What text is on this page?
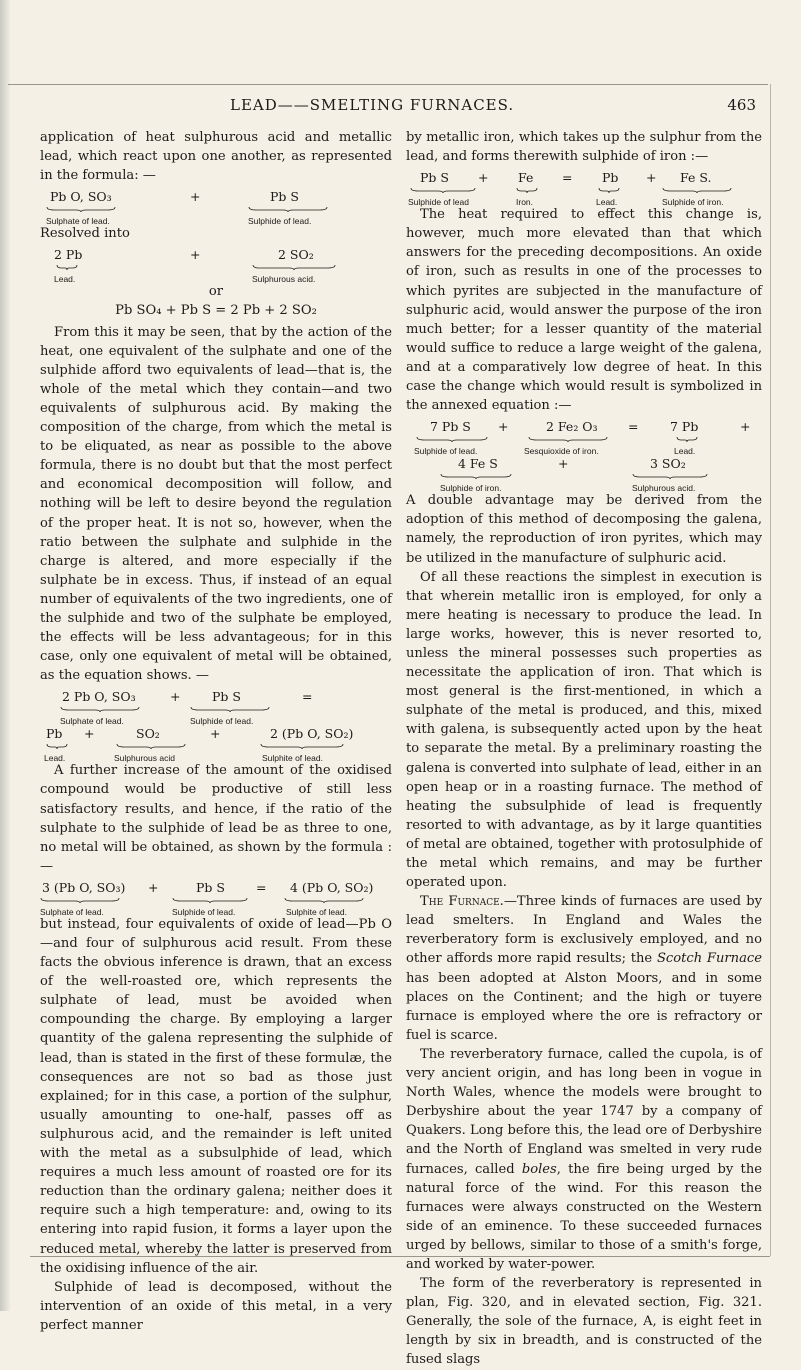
LEAD——SMELTING FURNACES.	463

application of heat sulphurous acid and metallic lead, which react upon one another, as represented in the formula: —

Pb O, SO₃	+	Pb S
Sulphate of lead.	Sulphide of lead.

Resolved into

2 Pb	+	2 SO₂
Lead.	Sulphurous acid.

or

Pb SO₄ + Pb S = 2 Pb + 2 SO₂

From this it may be seen, that by the action of the heat, one equivalent of the sulphate and one of the sulphide afford two equivalents of lead—that is, the whole of the metal which they contain—and two equivalents of sulphurous acid. By making the composition of the charge, from which the metal is to be eliquated, as near as possible to the above formula, there is no doubt but that the most perfect and economical decomposition will follow, and nothing will be left to desire beyond the regulation of the proper heat. It is not so, however, when the ratio between the sulphate and sulphide in the charge is altered, and more especially if the sulphate be in excess. Thus, if instead of an equal number of equivalents of the two ingredients, one of the sulphide and two of the sulphate be employed, the effects will be less advantageous; for in this case, only one equivalent of metal will be obtained, as the equation shows. —

2 Pb O, SO₃	+	Pb S	=
Sulphate of lead.	Sulphide of lead.
Pb +	SO₂	+	2 (Pb O, SO₂)
Lead.	Sulphurous acid	Sulphite of lead.

A further increase of the amount of the oxidised compound would be productive of still less satisfactory results, and hence, if the ratio of the sulphate to the sulphide of lead be as three to one, no metal will be obtained, as shown by the formula :—

3 (Pb O, SO₃) +	Pb S = 4 (Pb O, SO₂)
Sulphate of lead.	Sulphide of lead.	Sulphite of lead.

but instead, four equivalents of oxide of lead—Pb O—and four of sulphurous acid result. From these facts the obvious inference is drawn, that an excess of the well-roasted ore, which represents the sulphate of lead, must be avoided when compounding the charge. By employing a larger quantity of the galena representing the sulphide of lead, than is stated in the first of these formulæ, the consequences are not so bad as those just explained; for in this case, a portion of the sulphur, usually amounting to one-half, passes off as sulphurous acid, and the remainder is left united with the metal as a subsulphide of lead, which requires a much less amount of roasted ore for its reduction than the ordinary galena; neither does it require such a high temperature: and, owing to its entering into rapid fusion, it forms a layer upon the reduced metal, whereby the latter is preserved from the oxidising influence of the air.

Sulphide of lead is decomposed, without the intervention of an oxide of this metal, in a very perfect manner

by metallic iron, which takes up the sulphur from the lead, and forms therewith sulphide of iron :—

Pb S + Fe = Pb + Fe S.
Sulphide of lead	Iron.	Lead.	Sulphide of iron.

The heat required to effect this change is, however, much more elevated than that which answers for the preceding decompositions. An oxide of iron, such as results in one of the processes to which pyrites are subjected in the manufacture of sulphuric acid, would answer the purpose of the iron much better; for a lesser quantity of the material would suffice to reduce a large weight of the galena, and at a comparatively low degree of heat. In this case the change which would result is symbolized in the annexed equation :—

7 Pb S +	2 Fe₂ O₃ =	7 Pb	+
Sulphide of lead.	Sesquioxide of iron.	Lead.
4 Fe S	+	3 SO₂
Sulphide of iron.	Sulphurous acid.

A double advantage may be derived from the adoption of this method of decomposing the galena, namely, the reproduction of iron pyrites, which may be utilized in the manufacture of sulphuric acid.

Of all these reactions the simplest in execution is that wherein metallic iron is employed, for only a mere heating is necessary to produce the lead. In large works, however, this is never resorted to, unless the mineral possesses such properties as necessitate the application of iron. That which is most general is the first-mentioned, in which a sulphate of the metal is produced, and this, mixed with galena, is subsequently acted upon by the heat to separate the metal. By a preliminary roasting the galena is converted into sulphate of lead, either in an open heap or in a roasting furnace. The method of heating the subsulphide of lead is frequently resorted to with advantage, as by it large quantities of metal are obtained, together with protosulphide of the metal which remains, and may be further operated upon.

The Furnace.—Three kinds of furnaces are used by lead smelters. In England and Wales the reverberatory form is exclusively employed, and no other affords more rapid results; the Scotch Furnace has been adopted at Alston Moors, and in some places on the Continent; and the high or tuyere furnace is employed where the ore is refractory or fuel is scarce.

The reverberatory furnace, called the cupola, is of very ancient origin, and has long been in vogue in North Wales, whence the models were brought to Derbyshire about the year 1747 by a company of Quakers. Long before this, the lead ore of Derbyshire and the North of England was smelted in very rude furnaces, called boles, the fire being urged by the natural force of the wind. For this reason the furnaces were always constructed on the Western side of an eminence. To these succeeded furnaces urged by bellows, similar to those of a smith's forge, and worked by water-power.

The form of the reverberatory is represented in plan, Fig. 320, and in elevated section, Fig. 321. Generally, the sole of the furnace, A, is eight feet in length by six in breadth, and is constructed of the fused slags
